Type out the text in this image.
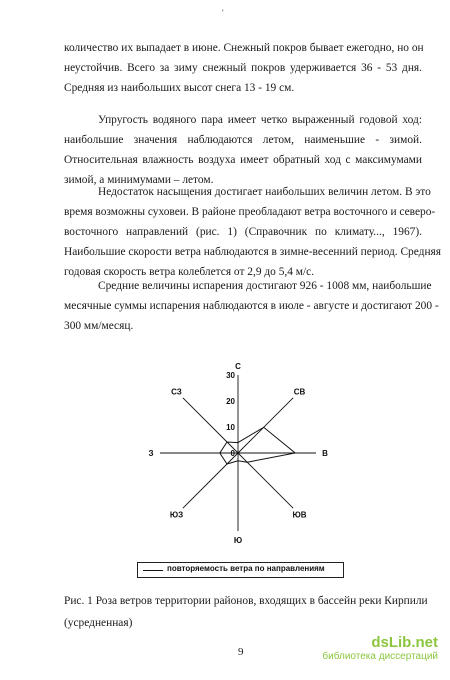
'
количество их выпадает в июне. Снежный покров бывает ежегодно, но он
неустойчив. Всего за зиму снежный покров удерживается 36 - 53 дня.
Средняя из наибольших высот снега 13 - 19 см.
Упругость водяного пара имеет четко выраженный годовой ход:
наибольшие значения наблюдаются летом, наименьшие - зимой.
Относительная влажность воздуха имеет обратный ход с максимумами
зимой, а минимумами – летом.
Недостаток насыщения достигает наибольших величин летом. В это
время возможны суховеи. В районе преобладают ветра восточного и северо-
восточного направлений (рис. 1) (Справочник по климату..., 1967).
Наибольшие скорости ветра наблюдаются в зимне-весенний период. Средняя
годовая скорость ветра колеблется от 2,9 до 5,4 м/с.
Средние величины испарения достигают 926 - 1008 мм, наибольшие
месячные суммы испарения наблюдаются в июле - августе и достигают 200 -
300 мм/месяц.
0
10
20
30
С
СВ
В
ЮВ
Ю
ЮЗ
З
СЗ
повторяемость ветра по направлениям
Рис. 1 Роза ветров территории районов, входящих в бассейн реки Кирпили
(усредненная)
9
dsLib.net
библиотека диссертаций
